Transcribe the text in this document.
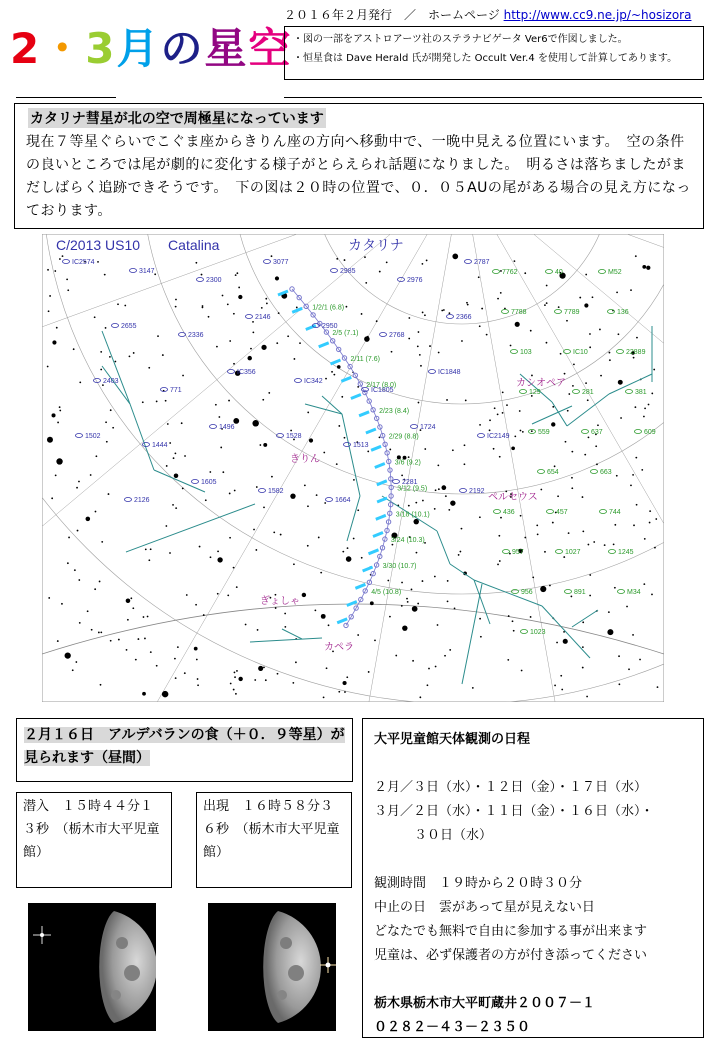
2・3月の星空
２０１６年２月発行　／　ホームページ http://www.cc9.ne.jp/~hosizora
・図の一部をアストロアーツ社のステラナビゲータ Ver6で作図しました。
・恒星食は Dave Herald 氏が開発した Occult Ver.4 を使用して計算してあります。
カタリナ彗星が北の空で周極星になっています
現在７等星ぐらいでこぐま座からきりん座の方向へ移動中で、一晩中見える位置にいます。　空の条件の良いところでは尾が劇的に変化する様子がとらえられ話題になりました。　明るさは落ちましたがまだしばらく追跡できそうです。　下の図は２０時の位置で、０．０５AUの尾がある場合の見え方になっております。
きりん
カシオペア
ペルセウス
ぎょしゃ
カペラ
IC2574
3147
2300
3077
2985
2976
2787
2655
2336
2146
2950
2768
2366
2403
771
IC356
IC342
IC1805
IC1848
1502
1444
1496
1528
1513
1724
IC2149
2126
1605
1582
1664
2281
2192
7762	40	M52
7788	7789	136
103	IC10	22889
129	281	381
559	637	609
654	663
436	457	744
957	1027	1245
956	891	M34
1023
1/2/1 (6.8)
2/5 (7.1)
2/11 (7.6)
2/17 (8.0)
2/23 (8.4)
2/29 (8.8)
3/6 (9.2)
3/12 (9.5)
3/18 (10.1)
3/24 (10.3)
3/30 (10.7)
4/5 (10.8)
C/2013 US10　　Catalina	カタリナ
２月１６日　アルデバランの食（＋０．９等星）が
見られます（昼間）
潜入　１５時４４分１３秒　（栃木市大平児童館）
出現　１６時５８分３６秒　（栃木市大平児童館）
大平児童館天体観測の日程
２月／３日（水）・１２日（金）・１７日（水）
３月／２日（水）・１１日（金）・１６日（水）・
３０日（水）
観測時間　１９時から２０時３０分
中止の日　雲があって星が見えない日
どなたでも無料で自由に参加する事が出来ます
児童は、必ず保護者の方が付き添ってください
栃木県栃木市大平町蔵井２００７－１
０２８２－４３－２３５０
